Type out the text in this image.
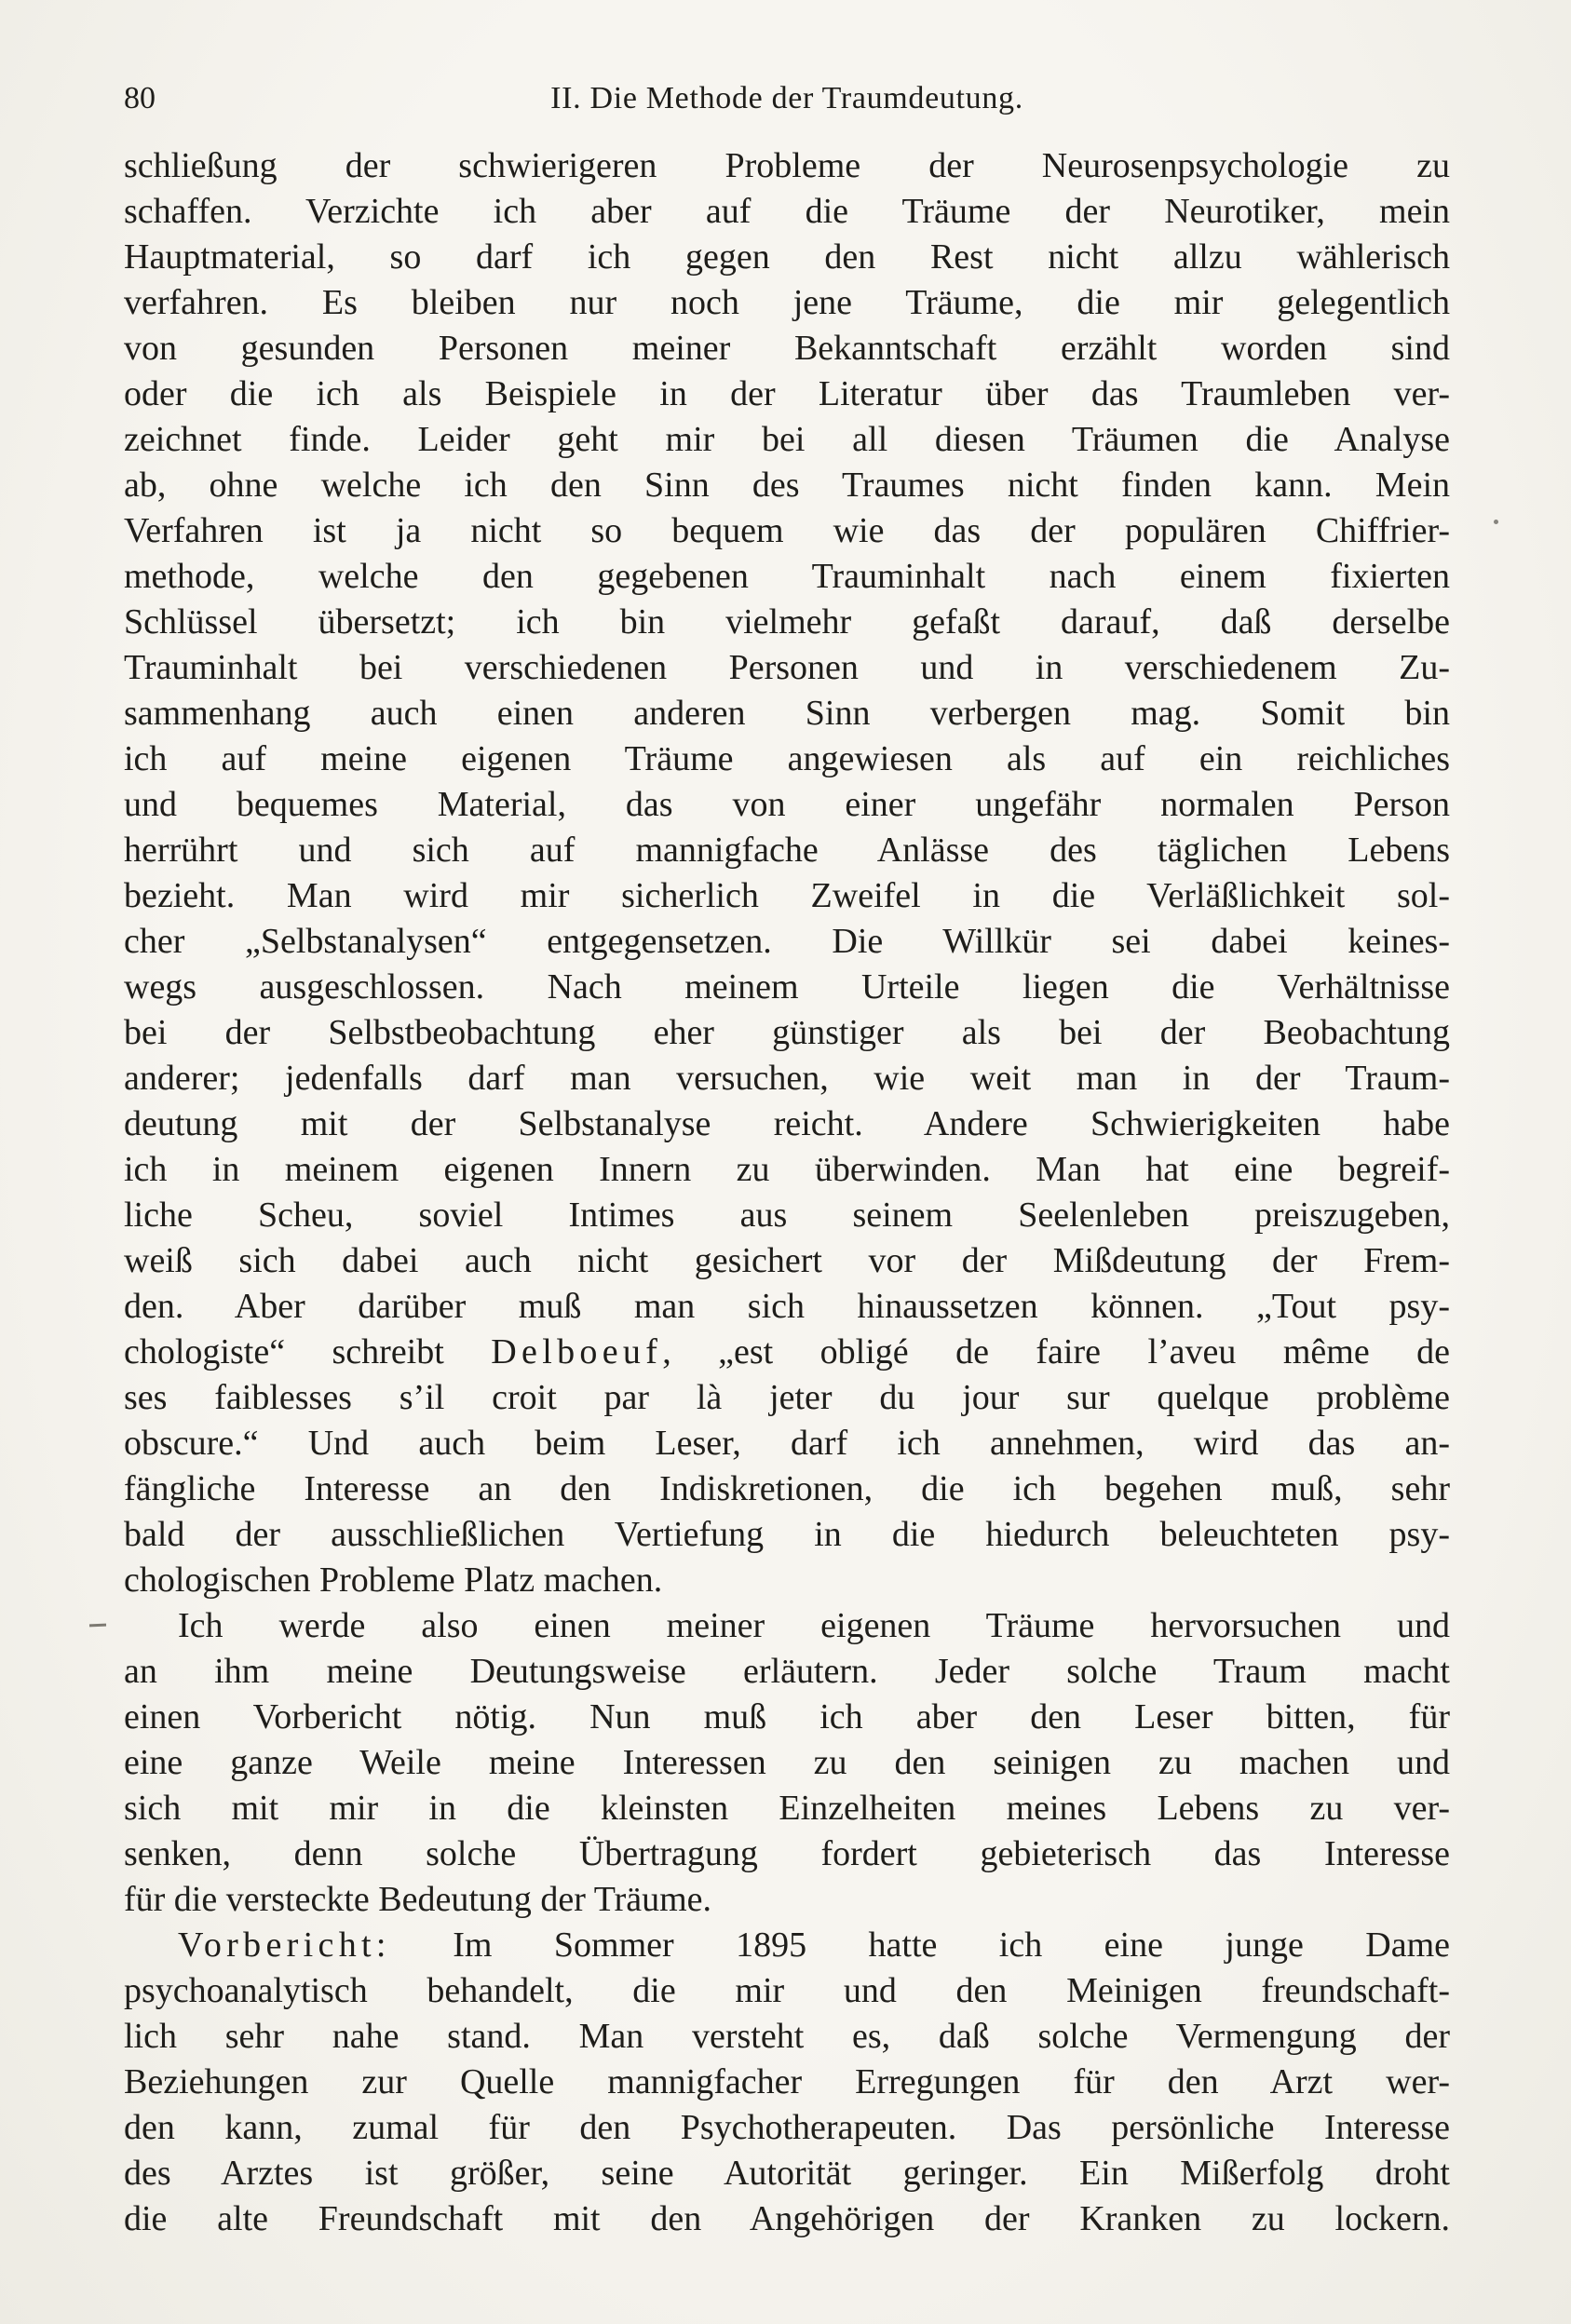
80	II. Die Methode der Traumdeutung.
schließung der schwierigeren Probleme der Neurosenpsychologie zu
schaffen. Verzichte ich aber auf die Träume der Neurotiker, mein
Hauptmaterial, so darf ich gegen den Rest nicht allzu wählerisch
verfahren. Es bleiben nur noch jene Träume, die mir gelegentlich
von gesunden Personen meiner Bekanntschaft erzählt worden sind
oder die ich als Beispiele in der Literatur über das Traumleben ver-
zeichnet finde. Leider geht mir bei all diesen Träumen die Analyse
ab, ohne welche ich den Sinn des Traumes nicht finden kann. Mein
Verfahren ist ja nicht so bequem wie das der populären Chiffrier-
methode, welche den gegebenen Trauminhalt nach einem fixierten
Schlüssel übersetzt; ich bin vielmehr gefaßt darauf, daß derselbe
Trauminhalt bei verschiedenen Personen und in verschiedenem Zu-
sammenhang auch einen anderen Sinn verbergen mag. Somit bin
ich auf meine eigenen Träume angewiesen als auf ein reichliches
und bequemes Material, das von einer ungefähr normalen Person
herrührt und sich auf mannigfache Anlässe des täglichen Lebens
bezieht. Man wird mir sicherlich Zweifel in die Verläßlichkeit sol-
cher „Selbstanalysen“ entgegensetzen. Die Willkür sei dabei keines-
wegs ausgeschlossen. Nach meinem Urteile liegen die Verhältnisse
bei der Selbstbeobachtung eher günstiger als bei der Beobachtung
anderer; jedenfalls darf man versuchen, wie weit man in der Traum-
deutung mit der Selbstanalyse reicht. Andere Schwierigkeiten habe
ich in meinem eigenen Innern zu überwinden. Man hat eine begreif-
liche Scheu, soviel Intimes aus seinem Seelenleben preiszugeben,
weiß sich dabei auch nicht gesichert vor der Mißdeutung der Frem-
den. Aber darüber muß man sich hinaussetzen können. „Tout psy-
chologiste“ schreibt Delboeuf, „est obligé de faire l’aveu même de
ses faiblesses s’il croit par là jeter du jour sur quelque problème
obscure.“ Und auch beim Leser, darf ich annehmen, wird das an-
fängliche Interesse an den Indiskretionen, die ich begehen muß, sehr
bald der ausschließlichen Vertiefung in die hiedurch beleuchteten psy-
chologischen Probleme Platz machen.
Ich werde also einen meiner eigenen Träume hervorsuchen und
an ihm meine Deutungsweise erläutern. Jeder solche Traum macht
einen Vorbericht nötig. Nun muß ich aber den Leser bitten, für
eine ganze Weile meine Interessen zu den seinigen zu machen und
sich mit mir in die kleinsten Einzelheiten meines Lebens zu ver-
senken, denn solche Übertragung fordert gebieterisch das Interesse
für die versteckte Bedeutung der Träume.
Vorbericht: Im Sommer 1895 hatte ich eine junge Dame
psychoanalytisch behandelt, die mir und den Meinigen freundschaft-
lich sehr nahe stand. Man versteht es, daß solche Vermengung der
Beziehungen zur Quelle mannigfacher Erregungen für den Arzt wer-
den kann, zumal für den Psychotherapeuten. Das persönliche Interesse
des Arztes ist größer, seine Autorität geringer. Ein Mißerfolg droht
die alte Freundschaft mit den Angehörigen der Kranken zu lockern.
